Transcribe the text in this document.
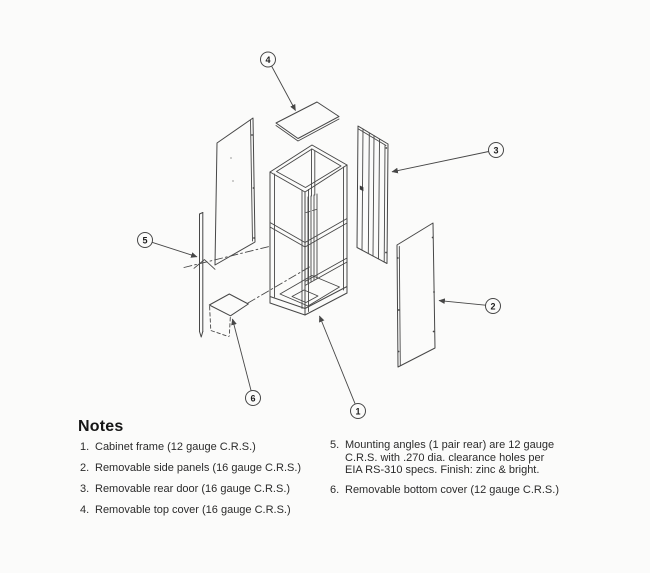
4
3
2
5
6
1
Notes
1. Cabinet frame (12 gauge C.R.S.)
2. Removable side panels (16 gauge C.R.S.)
3. Removable rear door (16 gauge C.R.S.)
4. Removable top cover (16 gauge C.R.S.)
5. Mounting angles (1 pair rear) are 12 gauge C.R.S. with .270 dia. clearance holes per EIA RS-310 specs. Finish: zinc & bright.
6. Removable bottom cover (12 gauge C.R.S.)
